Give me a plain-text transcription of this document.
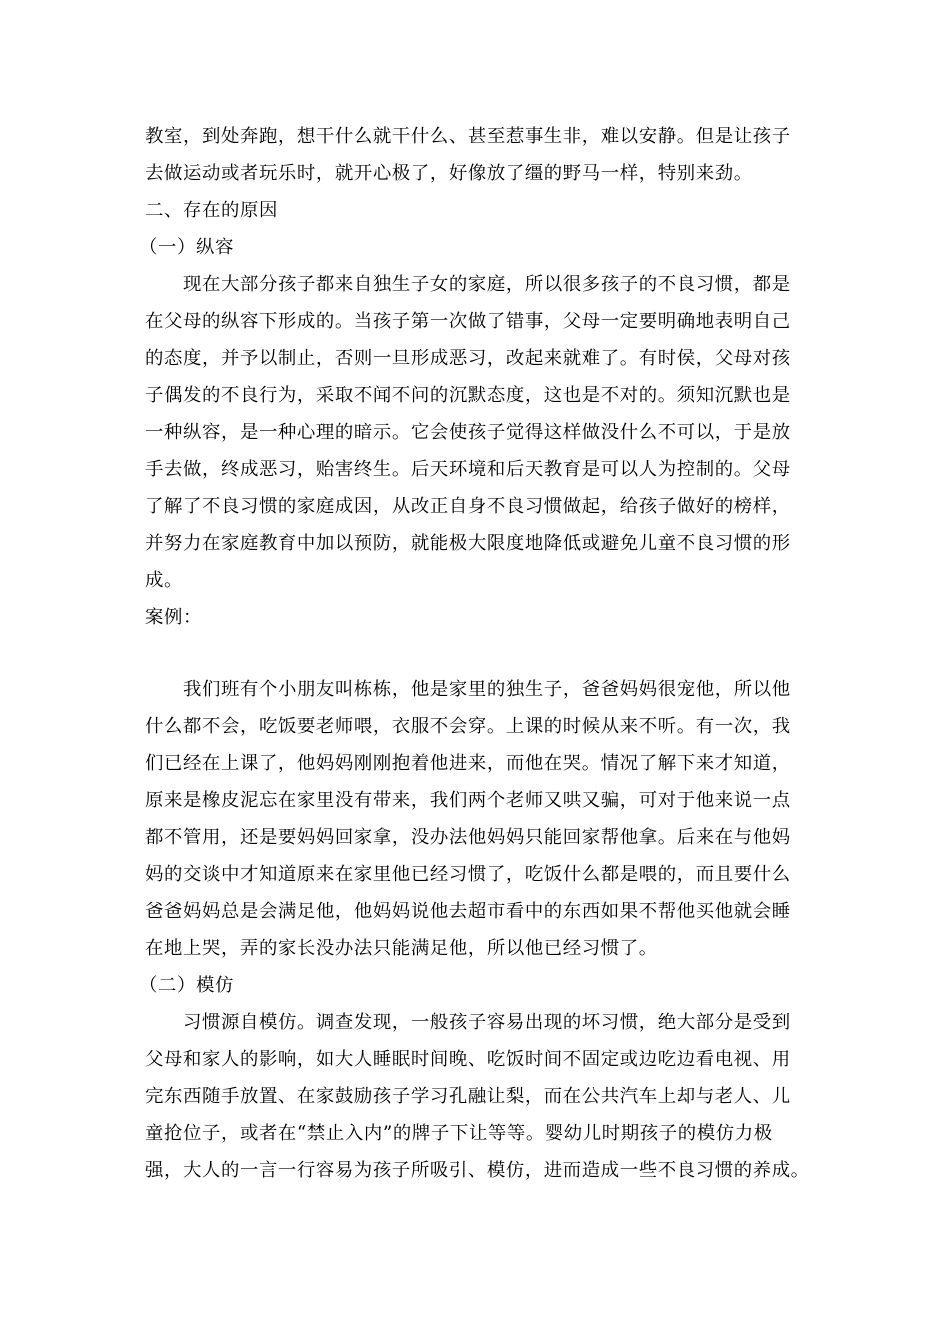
教室，到处奔跑，想干什么就干什么、甚至惹事生非，难以安静。但是让孩子
去做运动或者玩乐时，就开心极了，好像放了缰的野马一样，特别来劲。
二、存在的原因
（一）纵容
现在大部分孩子都来自独生子女的家庭，所以很多孩子的不良习惯，都是
在父母的纵容下形成的。当孩子第一次做了错事，父母一定要明确地表明自己
的态度，并予以制止，否则一旦形成恶习，改起来就难了。有时侯，父母对孩
子偶发的不良行为，采取不闻不问的沉默态度，这也是不对的。须知沉默也是
一种纵容，是一种心理的暗示。它会使孩子觉得这样做没什么不可以，于是放
手去做，终成恶习，贻害终生。后天环境和后天教育是可以人为控制的。父母
了解了不良习惯的家庭成因，从改正自身不良习惯做起，给孩子做好的榜样，
并努力在家庭教育中加以预防，就能极大限度地降低或避免儿童不良习惯的形
成。
案例：
我们班有个小朋友叫栋栋，他是家里的独生子，爸爸妈妈很宠他，所以他
什么都不会，吃饭要老师喂，衣服不会穿。上课的时候从来不听。有一次，我
们已经在上课了，他妈妈刚刚抱着他进来，而他在哭。情况了解下来才知道，
原来是橡皮泥忘在家里没有带来，我们两个老师又哄又骗，可对于他来说一点
都不管用，还是要妈妈回家拿，没办法他妈妈只能回家帮他拿。后来在与他妈
妈的交谈中才知道原来在家里他已经习惯了，吃饭什么都是喂的，而且要什么
爸爸妈妈总是会满足他，他妈妈说他去超市看中的东西如果不帮他买他就会睡
在地上哭，弄的家长没办法只能满足他，所以他已经习惯了。
（二）模仿
习惯源自模仿。调查发现，一般孩子容易出现的坏习惯，绝大部分是受到
父母和家人的影响，如大人睡眠时间晚、吃饭时间不固定或边吃边看电视、用
完东西随手放置、在家鼓励孩子学习孔融让梨，而在公共汽车上却与老人、儿
童抢位子，或者在“禁止入内”的牌子下让等等。婴幼儿时期孩子的模仿力极
强，大人的一言一行容易为孩子所吸引、模仿，进而造成一些不良习惯的养成。
